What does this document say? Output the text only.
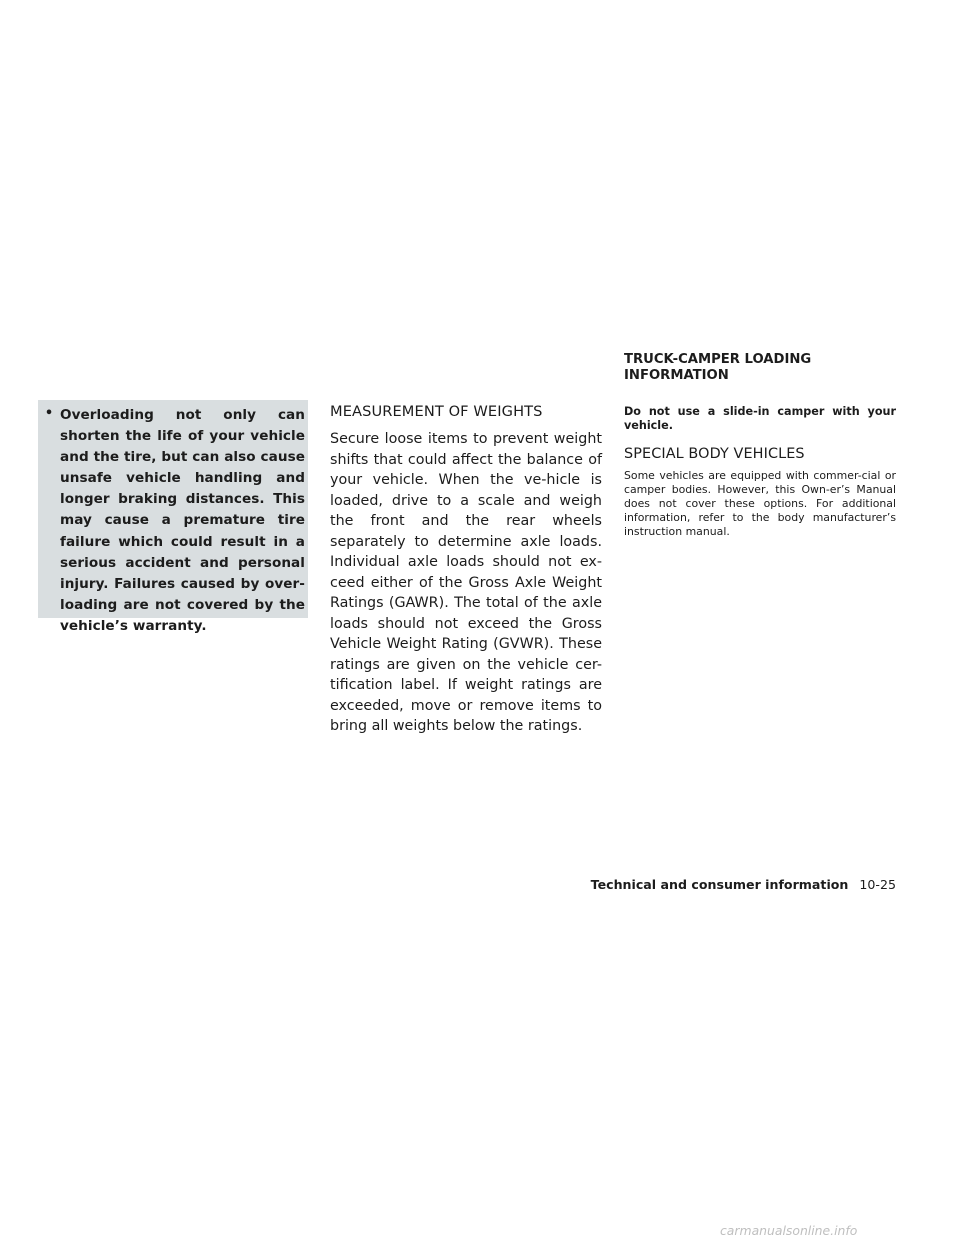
• Overloading not only can shorten the life of your vehicle and the tire, but can also cause unsafe vehicle handling and longer braking distances. This may cause a premature tire failure which could result in a serious accident and personal injury. Failures caused by over-loading are not covered by the vehicle’s warranty.
MEASUREMENT OF WEIGHTS
Secure loose items to prevent weight shifts that could affect the balance of your vehicle. When the ve-hicle is loaded, drive to a scale and weigh the front and the rear wheels separately to determine axle loads. Individual axle loads should not ex-ceed either of the Gross Axle Weight Ratings (GAWR). The total of the axle loads should not exceed the Gross Vehicle Weight Rating (GVWR). These ratings are given on the vehicle cer-tification label. If weight ratings are exceeded, move or remove items to bring all weights below the ratings.
TRUCK-CAMPER LOADING
INFORMATION
Do not use a slide-in camper with your vehicle.
SPECIAL BODY VEHICLES
Some vehicles are equipped with commer-cial or camper bodies. However, this Own-er’s Manual does not cover these options. For additional information, refer to the body manufacturer’s instruction manual.
Technical and consumer information 10-25
carmanualsonline.info
